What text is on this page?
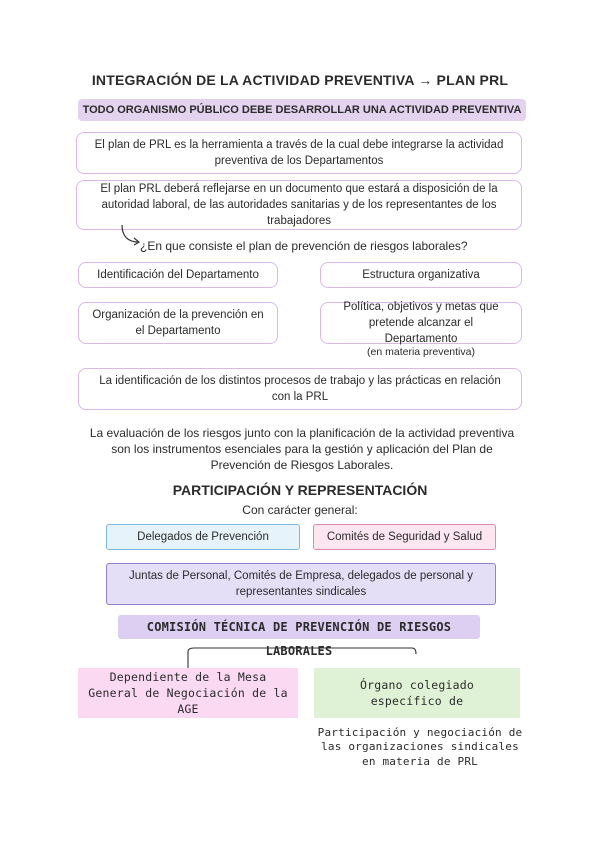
INTEGRACIÓN DE LA ACTIVIDAD PREVENTIVA → PLAN PRL
TODO ORGANISMO PÚBLICO DEBE DESARROLLAR UNA ACTIVIDAD PREVENTIVA
El plan de PRL es la herramienta a través de la cual debe integrarse la actividad preventiva de los Departamentos
El plan PRL deberá reflejarse en un documento que estará a disposición de la autoridad laboral, de las autoridades sanitarias y de los representantes de los trabajadores
¿En que consiste el plan de prevención de riesgos laborales?
Identificación del Departamento	Estructura organizativa
Organización de la prevención en el Departamento
Política, objetivos y metas que pretende alcanzar el Departamento
(en materia preventiva)
La identificación de los distintos procesos de trabajo y las prácticas en relación con la PRL
La evaluación de los riesgos junto con la planificación de la actividad preventiva son los instrumentos esenciales para la gestión y aplicación del Plan de Prevención de Riesgos Laborales.
PARTICIPACIÓN Y REPRESENTACIÓN
Con carácter general:
Delegados de Prevención	Comités de Seguridad y Salud
Juntas de Personal, Comités de Empresa, delegados de personal y representantes sindicales
COMISIÓN TÉCNICA DE PREVENCIÓN DE RIESGOS LABORALES
Dependiente de la Mesa General de Negociación de la AGE
Órgano colegiado específico de
Participación y negociación de las organizaciones sindicales en materia de PRL
